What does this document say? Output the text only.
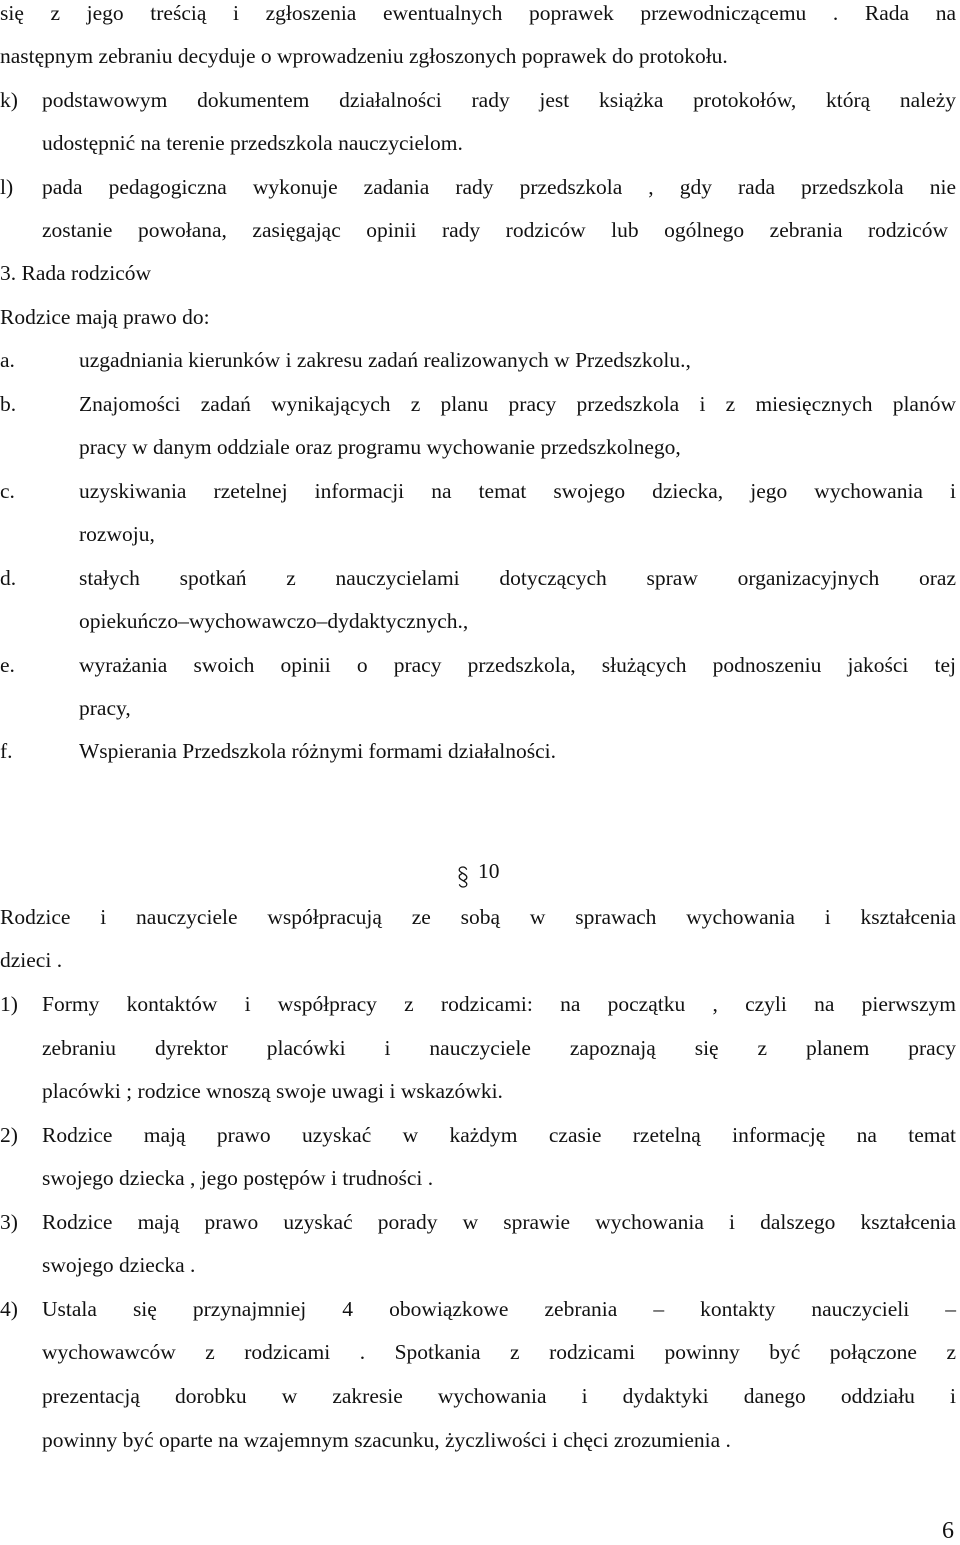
się z jego treścią i zgłoszenia ewentualnych poprawek przewodniczącemu . Rada na
następnym zebraniu decyduje o wprowadzeniu zgłoszonych poprawek do protokołu.
k) podstawowym dokumentem działalności rady jest książka protokołów, którą należy
udostępnić na terenie przedszkola nauczycielom.
l) pada pedagogiczna wykonuje zadania rady przedszkola , gdy rada przedszkola nie
zostanie powołana, zasięgając opinii rady rodziców lub ogólnego zebrania rodziców
3. Rada rodziców
Rodzice mają prawo do:
a.	uzgadniania kierunków i zakresu zadań realizowanych w Przedszkolu.,
b.	Znajomości zadań wynikających z planu pracy przedszkola i z miesięcznych planów
pracy w danym oddziale oraz programu wychowanie przedszkolnego,
c.	uzyskiwania rzetelnej informacji na temat swojego dziecka, jego wychowania i
rozwoju,
d.	stałych spotkań z nauczycielami dotyczących spraw organizacyjnych oraz
opiekuńczo–wychowawczo–dydaktycznych.,
e.	wyrażania swoich opinii o pracy przedszkola, służących podnoszeniu jakości tej
pracy,
f.	Wspierania Przedszkola różnymi formami działalności.
10
Rodzice i nauczyciele współpracują ze sobą w sprawach wychowania i kształcenia
dzieci .
1) Formy kontaktów i współpracy z rodzicami: na początku , czyli na pierwszym
zebraniu dyrektor placówki i nauczyciele zapoznają się z planem pracy
placówki ; rodzice wnoszą swoje uwagi i wskazówki.
2) Rodzice mają prawo uzyskać w każdym czasie rzetelną informację na temat
swojego dziecka , jego postępów i trudności .
3) Rodzice mają prawo uzyskać porady w sprawie wychowania i dalszego kształcenia
swojego dziecka .
4) Ustala się przynajmniej 4 obowiązkowe zebrania – kontakty nauczycieli –
wychowawców z rodzicami . Spotkania z rodzicami powinny być połączone z
prezentacją dorobku w zakresie wychowania i dydaktyki danego oddziału i
powinny być oparte na wzajemnym szacunku, życzliwości i chęci zrozumienia .
6
